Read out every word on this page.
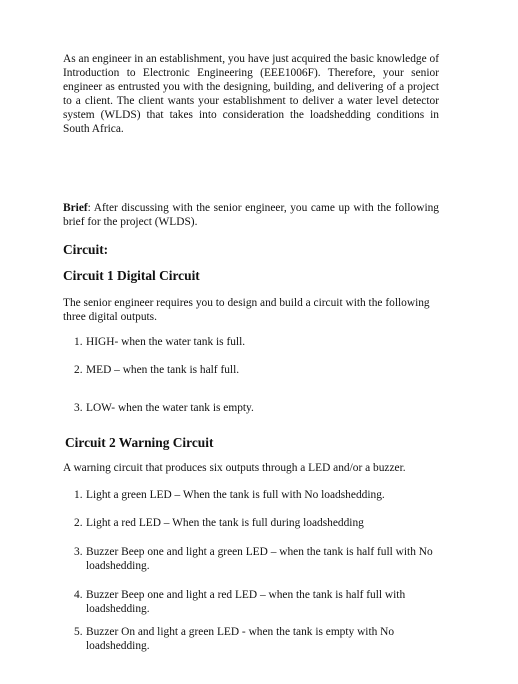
As an engineer in an establishment, you have just acquired the basic knowledge of Introduction to Electronic Engineering (EEE1006F). Therefore, your senior engineer as entrusted you with the designing, building, and delivering of a project to a client. The client wants your establishment to deliver a water level detector system (WLDS) that takes into consideration the loadshedding conditions in South Africa.
Brief: After discussing with the senior engineer, you came up with the following brief for the project (WLDS).
Circuit:
Circuit 1 Digital Circuit
The senior engineer requires you to design and build a circuit with the following three digital outputs.
1. HIGH- when the water tank is full.
2. MED – when the tank is half full.
3. LOW- when the water tank is empty.
Circuit 2 Warning Circuit
A warning circuit that produces six outputs through a LED and/or a buzzer.
1. Light a green LED – When the tank is full with No loadshedding.
2. Light a red LED – When the tank is full during loadshedding
3. Buzzer Beep one and light a green LED – when the tank is half full with No loadshedding.
4. Buzzer Beep one and light a red LED – when the tank is half full with loadshedding.
5. Buzzer On and light a green LED - when the tank is empty with No loadshedding.
